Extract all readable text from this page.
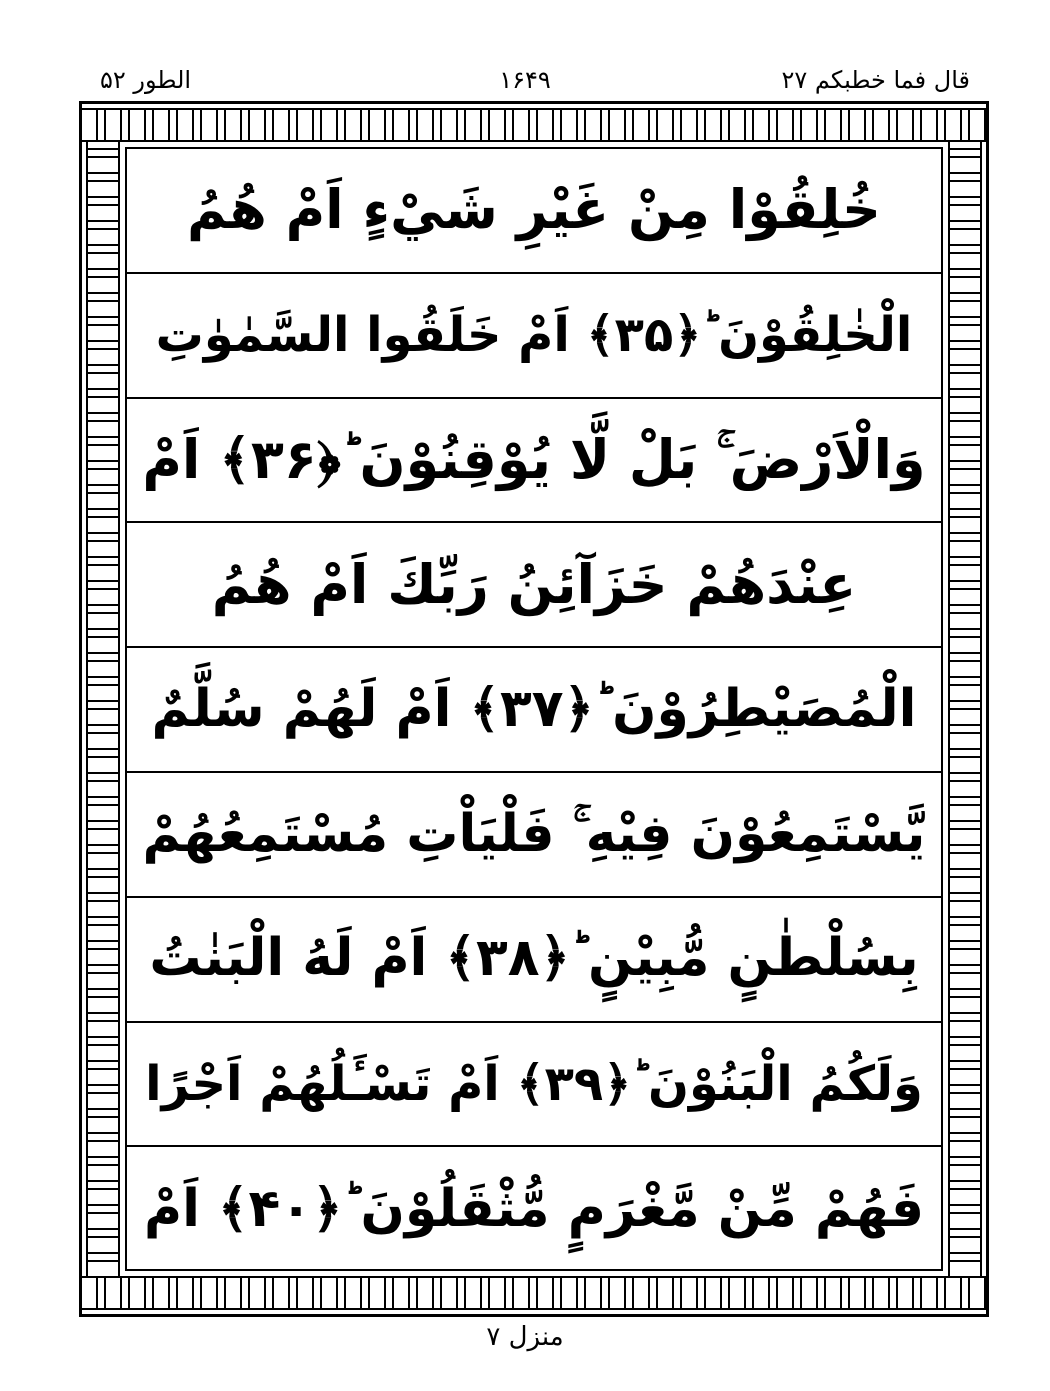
قال فما خطبکم ۲۷
۱۶۴۹
الطور ۵۲
خُلِقُوْا مِنْ غَيْرِ شَيْءٍ اَمْ هُمُ
الْخٰلِقُوْنَ ؕ﴿۳۵﴾ اَمْ خَلَقُوا السَّمٰوٰتِ
وَالْاَرْضَ ۚ بَلْ لَّا يُوْقِنُوْنَ ؕ﴿۳۶﴾ اَمْ
عِنْدَهُمْ خَزَآئِنُ رَبِّكَ اَمْ هُمُ
الْمُصَيْطِرُوْنَ ؕ﴿۳۷﴾ اَمْ لَهُمْ سُلَّمٌ
يَّسْتَمِعُوْنَ فِيْهِ ۚ فَلْيَاْتِ مُسْتَمِعُهُمْ
بِسُلْطٰنٍ مُّبِيْنٍ ؕ﴿۳۸﴾ اَمْ لَهُ الْبَنٰتُ
وَلَكُمُ الْبَنُوْنَ ؕ﴿۳۹﴾ اَمْ تَسْـَٔلُهُمْ اَجْرًا
فَهُمْ مِّنْ مَّغْرَمٍ مُّثْقَلُوْنَ ؕ﴿۴۰﴾ اَمْ
منزل ۷
